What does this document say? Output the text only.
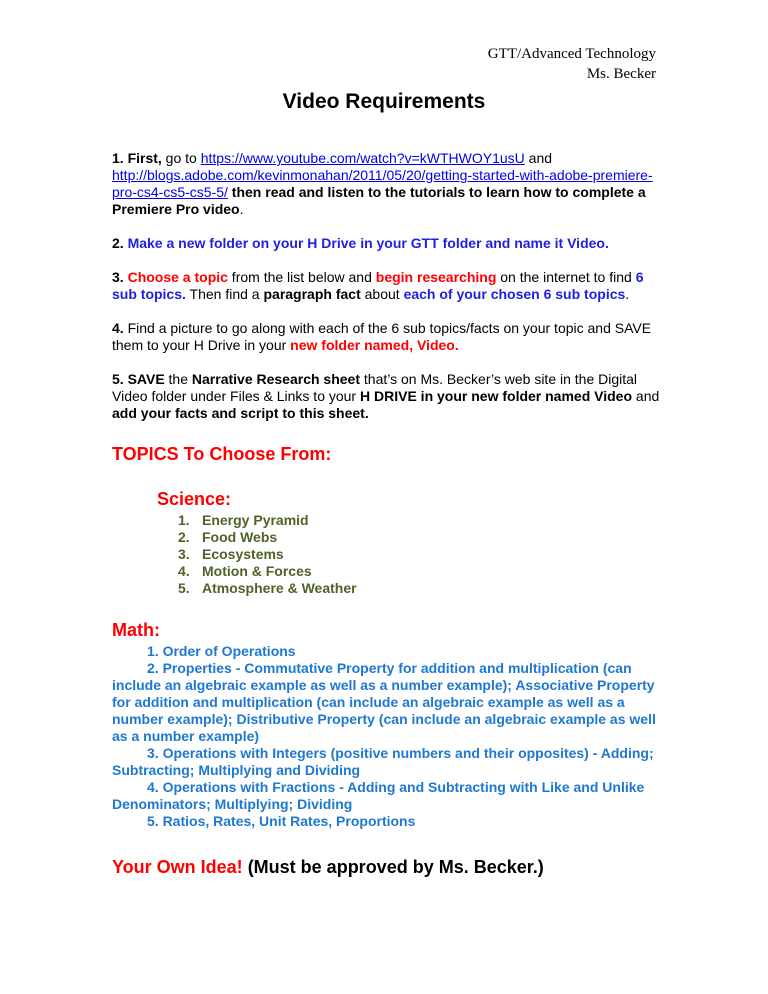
GTT/Advanced Technology
Ms. Becker
Video Requirements

1. First, go to https://www.youtube.com/watch?v=kWTHWOY1usU and http://blogs.adobe.com/kevinmonahan/2011/05/20/getting-started-with-adobe-premiere-pro-cs4-cs5-cs5-5/ then read and listen to the tutorials to learn how to complete a Premiere Pro video.

2. Make a new folder on your H Drive in your GTT folder and name it Video.

3. Choose a topic from the list below and begin researching on the internet to find 6 sub topics. Then find a paragraph fact about each of your chosen 6 sub topics.

4. Find a picture to go along with each of the 6 sub topics/facts on your topic and SAVE them to your H Drive in your new folder named, Video.

5. SAVE the Narrative Research sheet that’s on Ms. Becker’s web site in the Digital Video folder under Files & Links to your H DRIVE in your new folder named Video and add your facts and script to this sheet.

TOPICS To Choose From:
Science:
1. Energy Pyramid
2. Food Webs
3. Ecosystems
4. Motion & Forces
5. Atmosphere & Weather
Math:
1. Order of Operations
2. Properties - Commutative Property for addition and multiplication (can include an algebraic example as well as a number example); Associative Property for addition and multiplication (can include an algebraic example as well as a number example); Distributive Property (can include an algebraic example as well as a number example)
3. Operations with Integers (positive numbers and their opposites) - Adding; Subtracting; Multiplying and Dividing
4. Operations with Fractions - Adding and Subtracting with Like and Unlike Denominators; Multiplying; Dividing
5. Ratios, Rates, Unit Rates, Proportions
Your Own Idea! (Must be approved by Ms. Becker.)
